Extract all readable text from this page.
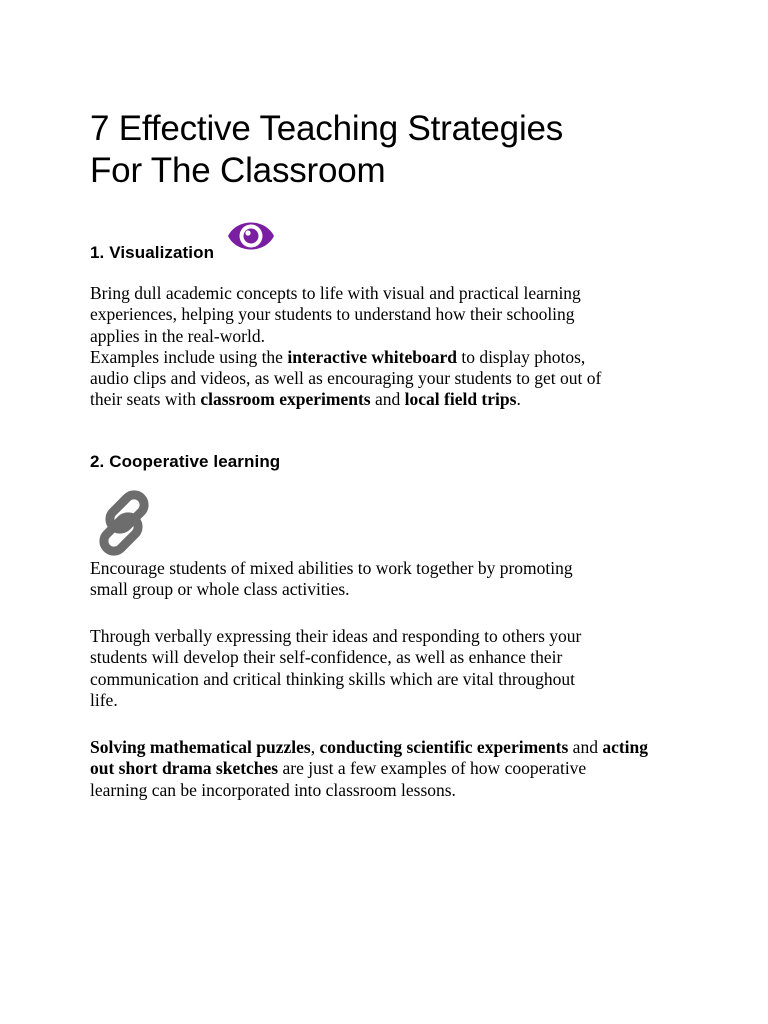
7 Effective Teaching Strategies
For The Classroom
1. Visualization

Bring dull academic concepts to life with visual and practical learning
experiences, helping your students to understand how their schooling
applies in the real-world.
Examples include using the interactive whiteboard to display photos,
audio clips and videos, as well as encouraging your students to get out of
their seats with classroom experiments and local field trips.

2. Cooperative learning

Encourage students of mixed abilities to work together by promoting
small group or whole class activities.

Through verbally expressing their ideas and responding to others your
students will develop their self-confidence, as well as enhance their
communication and critical thinking skills which are vital throughout
life.

Solving mathematical puzzles, conducting scientific experiments and acting
out short drama sketches are just a few examples of how cooperative
learning can be incorporated into classroom lessons.
